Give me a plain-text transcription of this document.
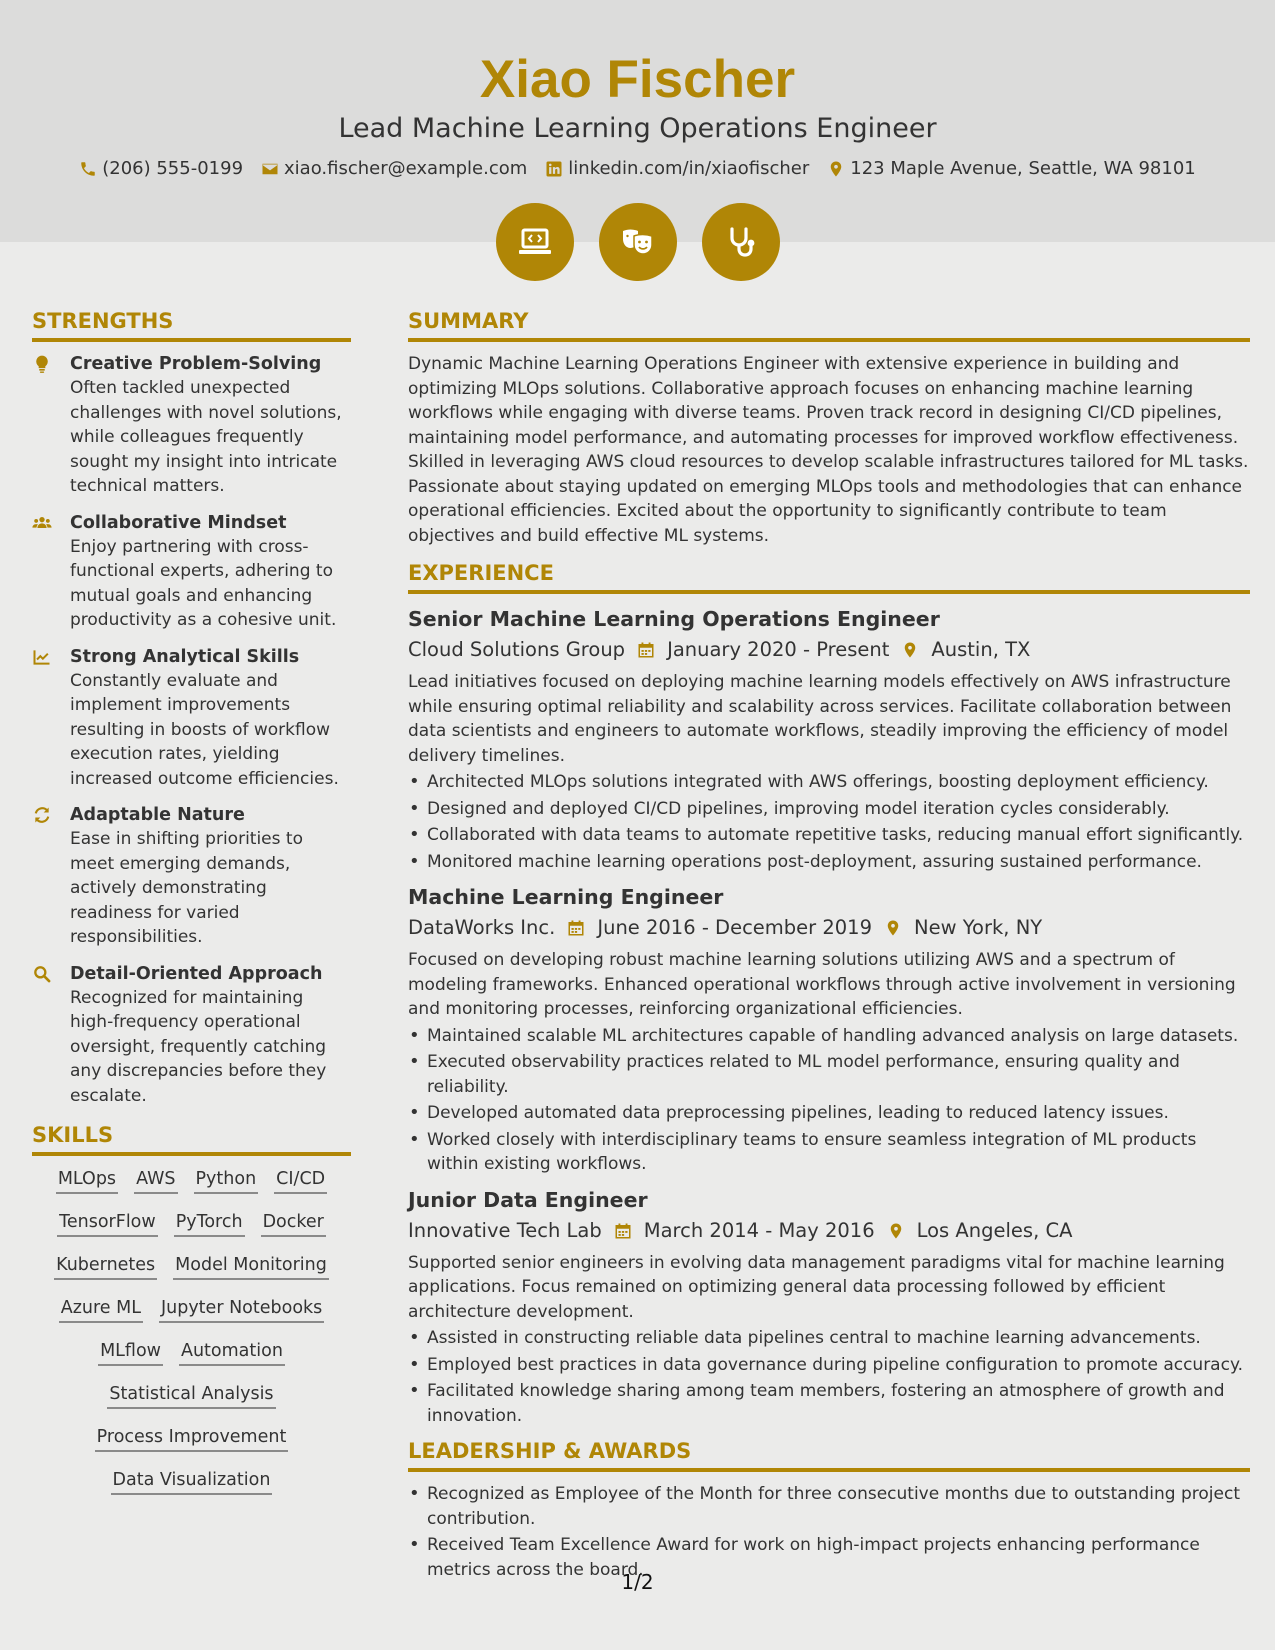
Xiao Fischer
Lead Machine Learning Operations Engineer
(206) 555-0199 xiao.fischer@example.com linkedin.com/in/xiaofischer 123 Maple Avenue, Seattle, WA 98101
STRENGTHS
Creative Problem-Solving
Often tackled unexpected challenges with novel solutions, while colleagues frequently sought my insight into intricate technical matters.
Collaborative Mindset
Enjoy partnering with cross-functional experts, adhering to mutual goals and enhancing productivity as a cohesive unit.
Strong Analytical Skills
Constantly evaluate and implement improvements resulting in boosts of workflow execution rates, yielding increased outcome efficiencies.
Adaptable Nature
Ease in shifting priorities to meet emerging demands, actively demonstrating readiness for varied responsibilities.
Detail-Oriented Approach
Recognized for maintaining high-frequency operational oversight, frequently catching any discrepancies before they escalate.
SKILLS
MLOps AWS Python CI/CD
TensorFlow PyTorch Docker
Kubernetes Model Monitoring
Azure ML Jupyter Notebooks
MLflow Automation
Statistical Analysis
Process Improvement
Data Visualization
SUMMARY
Dynamic Machine Learning Operations Engineer with extensive experience in building and optimizing MLOps solutions. Collaborative approach focuses on enhancing machine learning workflows while engaging with diverse teams. Proven track record in designing CI/CD pipelines, maintaining model performance, and automating processes for improved workflow effectiveness. Skilled in leveraging AWS cloud resources to develop scalable infrastructures tailored for ML tasks. Passionate about staying updated on emerging MLOps tools and methodologies that can enhance operational efficiencies. Excited about the opportunity to significantly contribute to team objectives and build effective ML systems.
EXPERIENCE
Senior Machine Learning Operations Engineer
Cloud Solutions Group January 2020 - Present Austin, TX
Lead initiatives focused on deploying machine learning models effectively on AWS infrastructure while ensuring optimal reliability and scalability across services. Facilitate collaboration between data scientists and engineers to automate workflows, steadily improving the efficiency of model delivery timelines.
• Architected MLOps solutions integrated with AWS offerings, boosting deployment efficiency.
• Designed and deployed CI/CD pipelines, improving model iteration cycles considerably.
• Collaborated with data teams to automate repetitive tasks, reducing manual effort significantly.
• Monitored machine learning operations post-deployment, assuring sustained performance.
Machine Learning Engineer
DataWorks Inc. June 2016 - December 2019 New York, NY
Focused on developing robust machine learning solutions utilizing AWS and a spectrum of modeling frameworks. Enhanced operational workflows through active involvement in versioning and monitoring processes, reinforcing organizational efficiencies.
• Maintained scalable ML architectures capable of handling advanced analysis on large datasets.
• Executed observability practices related to ML model performance, ensuring quality and reliability.
• Developed automated data preprocessing pipelines, leading to reduced latency issues.
• Worked closely with interdisciplinary teams to ensure seamless integration of ML products within existing workflows.
Junior Data Engineer
Innovative Tech Lab March 2014 - May 2016 Los Angeles, CA
Supported senior engineers in evolving data management paradigms vital for machine learning applications. Focus remained on optimizing general data processing followed by efficient architecture development.
• Assisted in constructing reliable data pipelines central to machine learning advancements.
• Employed best practices in data governance during pipeline configuration to promote accuracy.
• Facilitated knowledge sharing among team members, fostering an atmosphere of growth and innovation.
LEADERSHIP & AWARDS
• Recognized as Employee of the Month for three consecutive months due to outstanding project contribution.
• Received Team Excellence Award for work on high-impact projects enhancing performance metrics across the board.
1/2
